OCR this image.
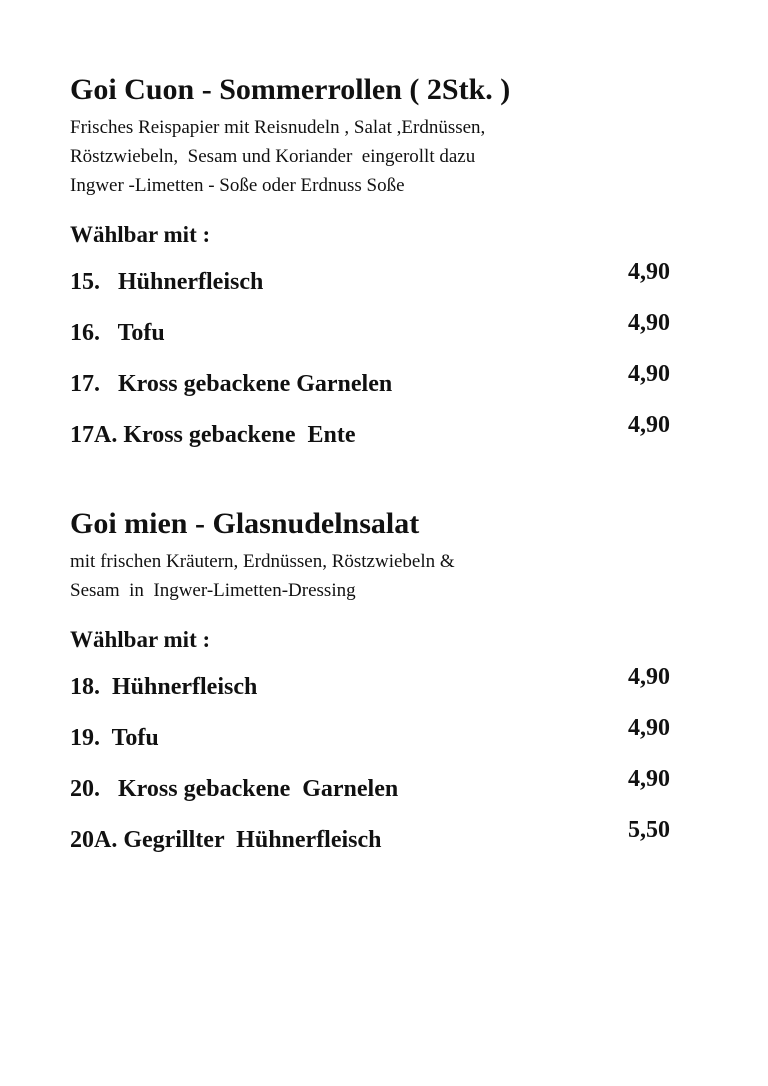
Goi Cuon - Sommerrollen ( 2Stk. )
Frisches Reispapier mit Reisnudeln , Salat ,Erdnüssen,
Röstzwiebeln,  Sesam und Koriander  eingerollt dazu
Ingwer -Limetten - Soße oder Erdnuss Soße
Wählbar mit :
15.   Hühnerfleisch	4,90
16.   Tofu	4,90
17.   Kross gebackene Garnelen	4,90
17A. Kross gebackene  Ente	4,90
Goi mien - Glasnudelnsalat
mit frischen Kräutern, Erdnüssen, Röstzwiebeln &
Sesam  in  Ingwer-Limetten-Dressing
Wählbar mit :
18.  Hühnerfleisch	4,90
19.  Tofu	4,90
20.   Kross gebackene  Garnelen	4,90
20A. Gegrillter  Hühnerfleisch	5,50
